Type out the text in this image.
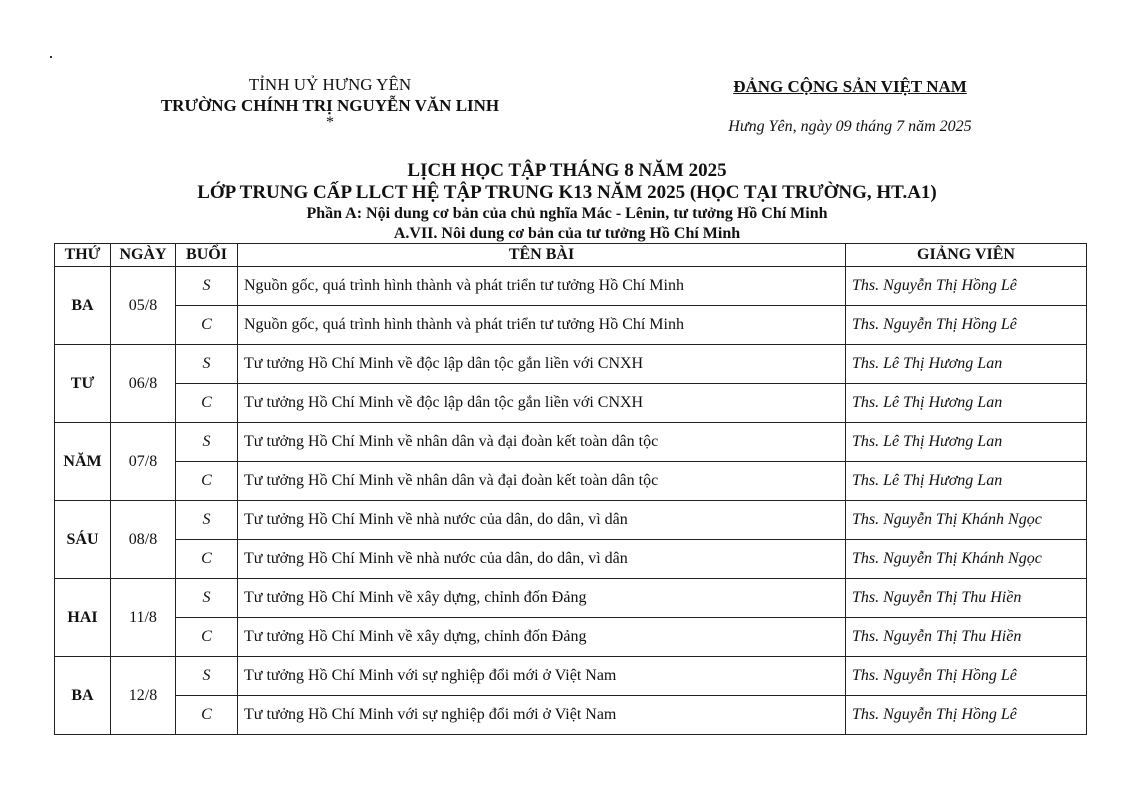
TỈNH UỶ HƯNG YÊN
TRƯỜNG CHÍNH TRỊ NGUYỄN VĂN LINH
*
ĐẢNG CỘNG SẢN VIỆT NAM
Hưng Yên, ngày 09 tháng 7 năm 2025
LỊCH HỌC TẬP THÁNG 8 NĂM 2025
LỚP TRUNG CẤP LLCT HỆ TẬP TRUNG K13 NĂM 2025 (HỌC TẠI TRƯỜNG, HT.A1)
Phần A: Nội dung cơ bản của chủ nghĩa Mác - Lênin, tư tưởng Hồ Chí Minh
A.VII. Nôi dung cơ bản của tư tưởng Hồ Chí Minh
THỨ	NGÀY	BUỔI	TÊN BÀI	GIẢNG VIÊN
BA	05/8	S	Nguồn gốc, quá trình hình thành và phát triển tư tưởng Hồ Chí Minh	Ths. Nguyễn Thị Hồng Lê
		C	Nguồn gốc, quá trình hình thành và phát triển tư tưởng Hồ Chí Minh	Ths. Nguyễn Thị Hồng Lê
TƯ	06/8	S	Tư tưởng Hồ Chí Minh về độc lập dân tộc gắn liền với CNXH	Ths. Lê Thị Hương Lan
		C	Tư tưởng Hồ Chí Minh về độc lập dân tộc gắn liền với CNXH	Ths. Lê Thị Hương Lan
NĂM	07/8	S	Tư tưởng Hồ Chí Minh về nhân dân và đại đoàn kết toàn dân tộc	Ths. Lê Thị Hương Lan
		C	Tư tưởng Hồ Chí Minh về nhân dân và đại đoàn kết toàn dân tộc	Ths. Lê Thị Hương Lan
SÁU	08/8	S	Tư tưởng Hồ Chí Minh về nhà nước của dân, do dân, vì dân	Ths. Nguyễn Thị Khánh Ngọc
		C	Tư tưởng Hồ Chí Minh về nhà nước của dân, do dân, vì dân	Ths. Nguyễn Thị Khánh Ngọc
HAI	11/8	S	Tư tưởng Hồ Chí Minh về xây dựng, chỉnh đốn Đảng	Ths. Nguyễn Thị Thu Hiền
		C	Tư tưởng Hồ Chí Minh về xây dựng, chỉnh đốn Đảng	Ths. Nguyễn Thị Thu Hiền
BA	12/8	S	Tư tưởng Hồ Chí Minh với sự nghiệp đổi mới ở Việt Nam	Ths. Nguyễn Thị Hồng Lê
		C	Tư tưởng Hồ Chí Minh với sự nghiệp đổi mới ở Việt Nam	Ths. Nguyễn Thị Hồng Lê
